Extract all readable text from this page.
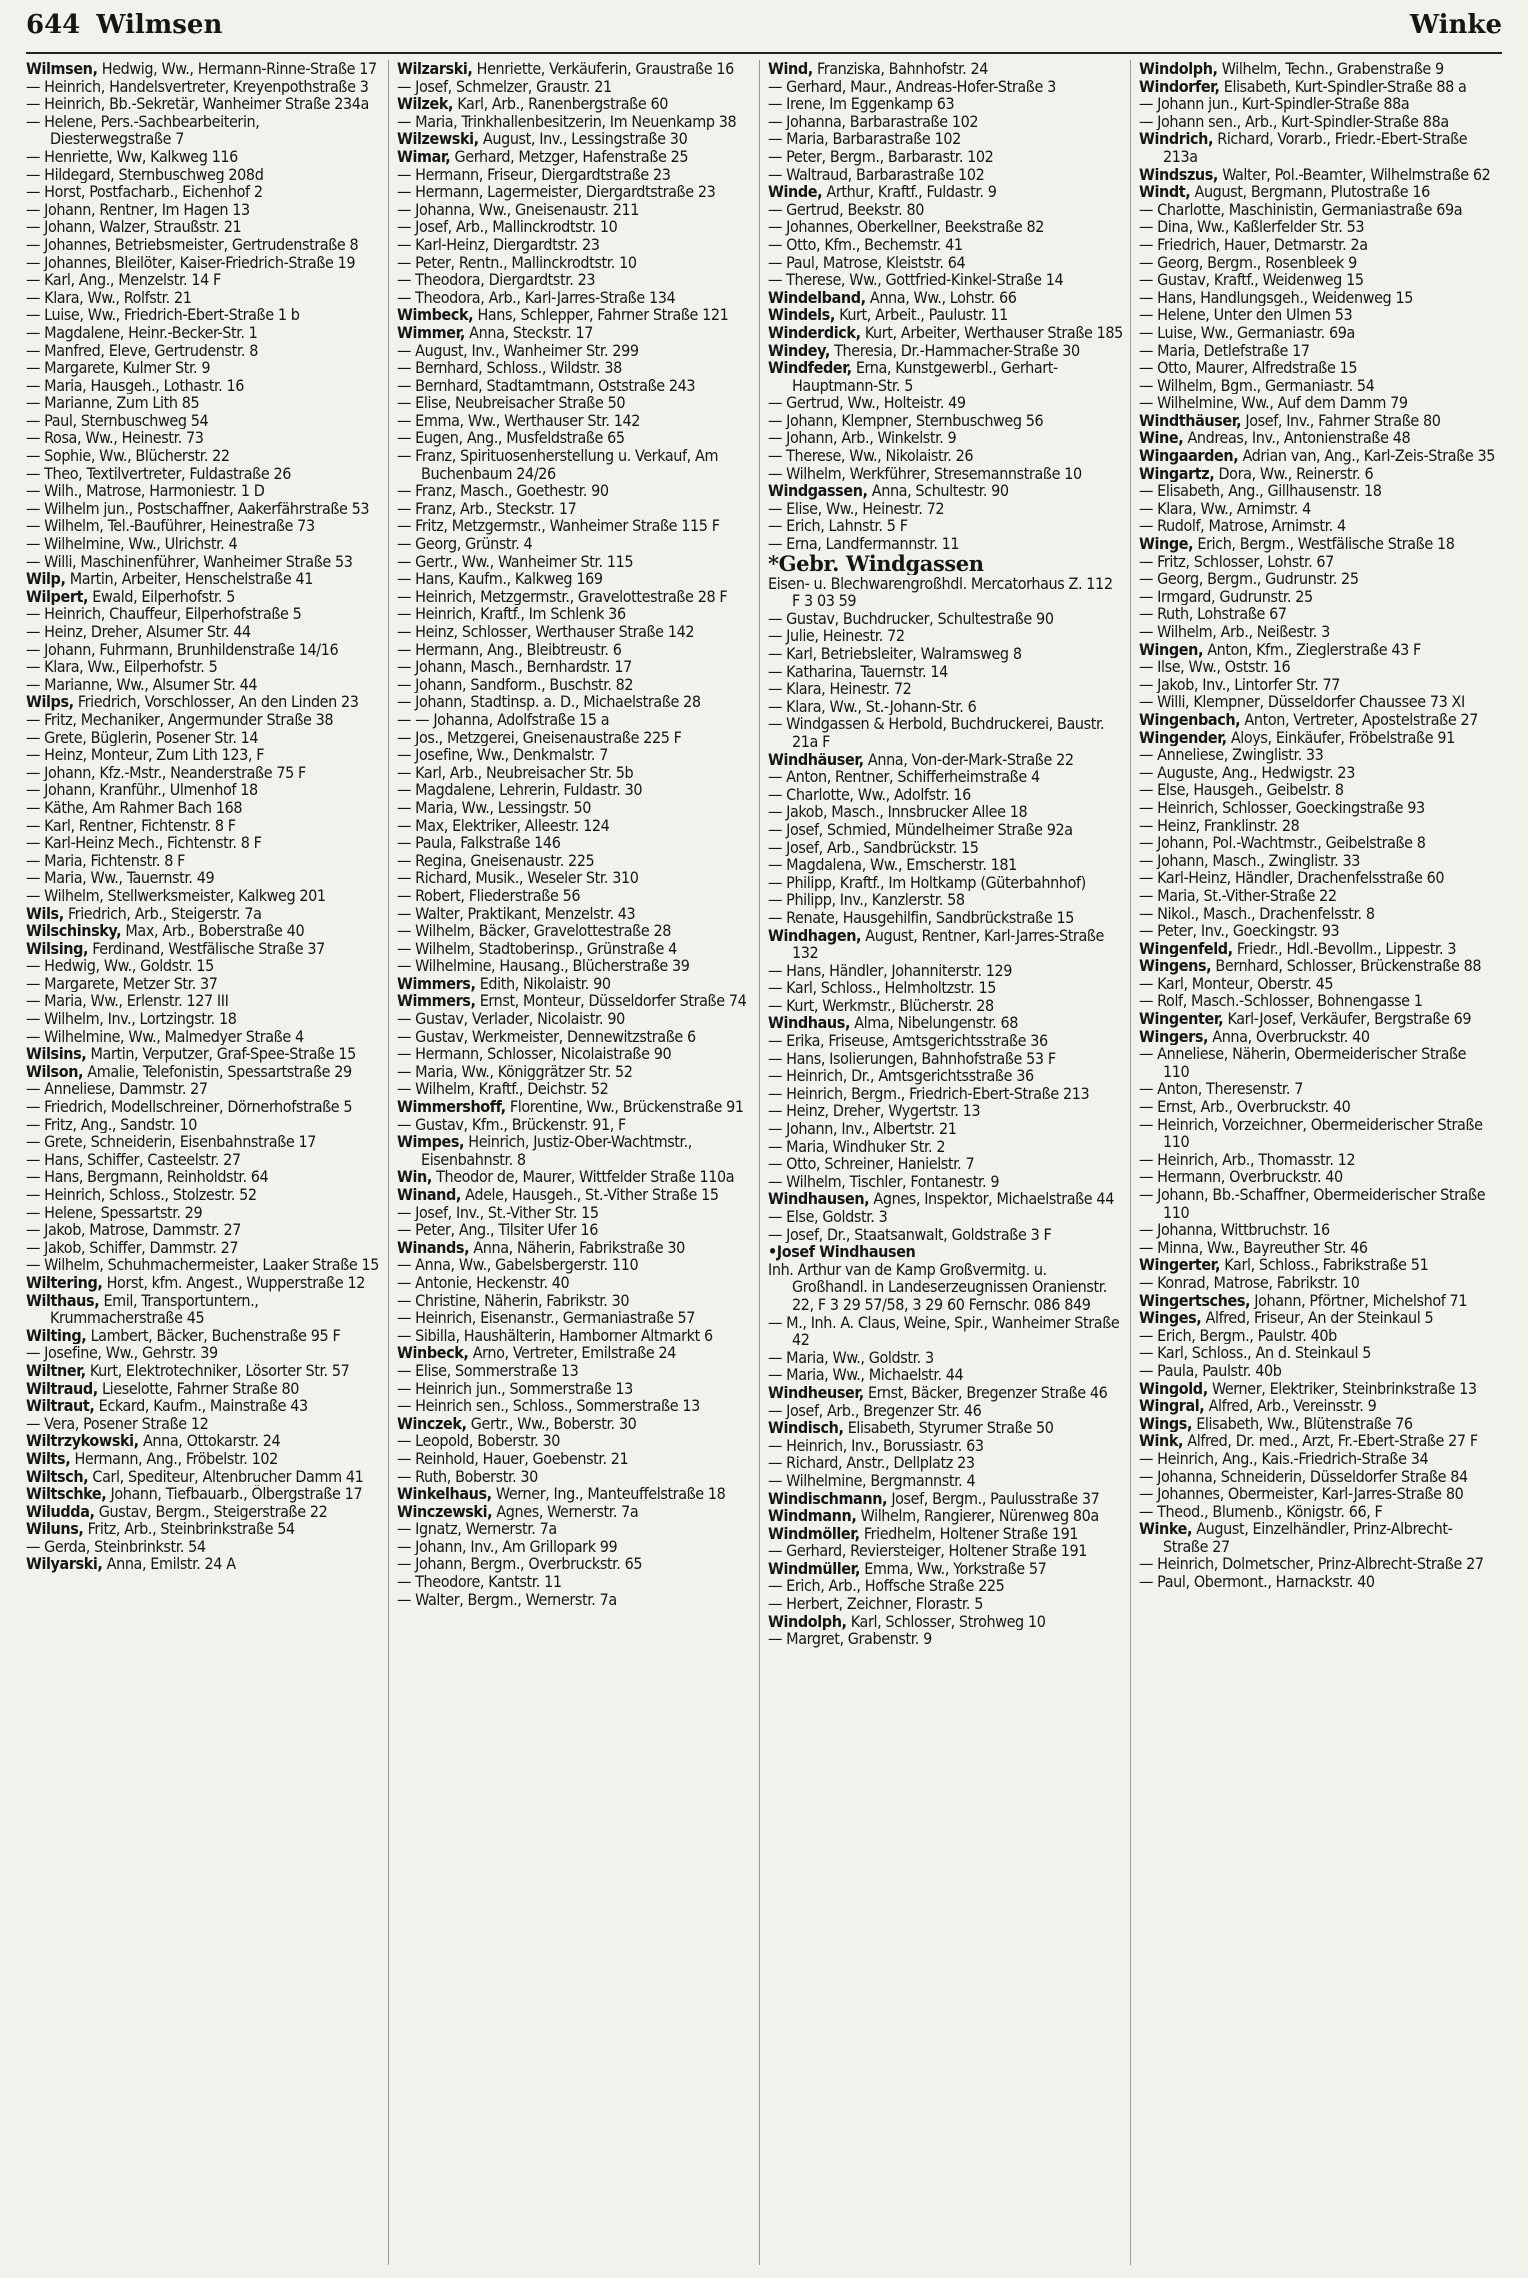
644 Wilmsen	Winke
Wilmsen, Hedwig, Ww., Hermann-Rinne-Straße 17
— Heinrich, Handelsvertreter, Kreyenpothstraße 3
— Heinrich, Bb.-Sekretär, Wanheimer Straße 234a
— Helene, Pers.-Sachbearbeiterin, Diesterwegstraße 7
— Henriette, Ww, Kalkweg 116
— Hildegard, Sternbuschweg 208d
— Horst, Postfacharb., Eichenhof 2
— Johann, Rentner, Im Hagen 13
— Johann, Walzer, Straußstr. 21
— Johannes, Betriebsmeister, Gertrudenstraße 8
— Johannes, Bleilöter, Kaiser-Friedrich-Straße 19
— Karl, Ang., Menzelstr. 14 F
— Klara, Ww., Rolfstr. 21
— Luise, Ww., Friedrich-Ebert-Straße 1 b
— Magdalene, Heinr.-Becker-Str. 1
— Manfred, Eleve, Gertrudenstr. 8
— Margarete, Kulmer Str. 9
— Maria, Hausgeh., Lothastr. 16
— Marianne, Zum Lith 85
— Paul, Sternbuschweg 54
— Rosa, Ww., Heinestr. 73
— Sophie, Ww., Blücherstr. 22
— Theo, Textilvertreter, Fuldastraße 26
— Wilh., Matrose, Harmoniestr. 1 D
— Wilhelm jun., Postschaffner, Aakerfährstraße 53
— Wilhelm, Tel.-Bauführer, Heinestraße 73
— Wilhelmine, Ww., Ulrichstr. 4
— Willi, Maschinenführer, Wanheimer Straße 53
Wilp, Martin, Arbeiter, Henschelstraße 41
Wilpert, Ewald, Eilperhofstr. 5
— Heinrich, Chauffeur, Eilperhofstraße 5
— Heinz, Dreher, Alsumer Str. 44
— Johann, Fuhrmann, Brunhildenstraße 14/16
— Klara, Ww., Eilperhofstr. 5
— Marianne, Ww., Alsumer Str. 44
Wilps, Friedrich, Vorschlosser, An den Linden 23
— Fritz, Mechaniker, Angermunder Straße 38
— Grete, Büglerin, Posener Str. 14
— Heinz, Monteur, Zum Lith 123, F
— Johann, Kfz.-Mstr., Neanderstraße 75 F
— Johann, Kranführ., Ulmenhof 18
— Käthe, Am Rahmer Bach 168
— Karl, Rentner, Fichtenstr. 8 F
— Karl-Heinz Mech., Fichtenstr. 8 F
— Maria, Fichtenstr. 8 F
— Maria, Ww., Tauernstr. 49
— Wilhelm, Stellwerksmeister, Kalkweg 201
Wils, Friedrich, Arb., Steigerstr. 7a
Wilschinsky, Max, Arb., Boberstraße 40
Wilsing, Ferdinand, Westfälische Straße 37
— Hedwig, Ww., Goldstr. 15
— Margarete, Metzer Str. 37
— Maria, Ww., Erlenstr. 127 III
— Wilhelm, Inv., Lortzingstr. 18
— Wilhelmine, Ww., Malmedyer Straße 4
Wilsins, Martin, Verputzer, Graf-Spee-Straße 15
Wilson, Amalie, Telefonistin, Spessartstraße 29
— Anneliese, Dammstr. 27
— Friedrich, Modellschreiner, Dörnerhofstraße 5
— Fritz, Ang., Sandstr. 10
— Grete, Schneiderin, Eisenbahnstraße 17
— Hans, Schiffer, Casteelstr. 27
— Hans, Bergmann, Reinholdstr. 64
— Heinrich, Schloss., Stolzestr. 52
— Helene, Spessartstr. 29
— Jakob, Matrose, Dammstr. 27
— Jakob, Schiffer, Dammstr. 27
— Wilhelm, Schuhmachermeister, Laaker Straße 15
Wiltering, Horst, kfm. Angest., Wupperstraße 12
Wilthaus, Emil, Transportuntern., Krummacherstraße 45
Wilting, Lambert, Bäcker, Buchenstraße 95 F
— Josefine, Ww., Gehrstr. 39
Wiltner, Kurt, Elektrotechniker, Lösorter Str. 57
Wiltraud, Lieselotte, Fahrner Straße 80
Wiltraut, Eckard, Kaufm., Mainstraße 43
— Vera, Posener Straße 12
Wiltrzykowski, Anna, Ottokarstr. 24
Wilts, Hermann, Ang., Fröbelstr. 102
Wiltsch, Carl, Spediteur, Altenbrucher Damm 41
Wiltschke, Johann, Tiefbauarb., Ölbergstraße 17
Wiludda, Gustav, Bergm., Steigerstraße 22
Wiluns, Fritz, Arb., Steinbrinkstraße 54
— Gerda, Steinbrinkstr. 54
Wilyarski, Anna, Emilstr. 24 A
Wilzarski, Henriette, Verkäuferin, Graustraße 16
— Josef, Schmelzer, Graustr. 21
Wilzek, Karl, Arb., Ranenbergstraße 60
— Maria, Trinkhallenbesitzerin, Im Neuenkamp 38
Wilzewski, August, Inv., Lessingstraße 30
Wimar, Gerhard, Metzger, Hafenstraße 25
— Hermann, Friseur, Diergardtstraße 23
— Hermann, Lagermeister, Diergardtstraße 23
— Johanna, Ww., Gneisenaustr. 211
— Josef, Arb., Mallinckrodtstr. 10
— Karl-Heinz, Diergardtstr. 23
— Peter, Rentn., Mallinckrodtstr. 10
— Theodora, Diergardtstr. 23
— Theodora, Arb., Karl-Jarres-Straße 134
Wimbeck, Hans, Schlepper, Fahrner Straße 121
Wimmer, Anna, Steckstr. 17
— August, Inv., Wanheimer Str. 299
— Bernhard, Schloss., Wildstr. 38
— Bernhard, Stadtamtmann, Oststraße 243
— Elise, Neubreisacher Straße 50
— Emma, Ww., Werthauser Str. 142
— Eugen, Ang., Musfeldstraße 65
— Franz, Spirituosenherstellung u. Verkauf, Am Buchenbaum 24/26
— Franz, Masch., Goethestr. 90
— Franz, Arb., Steckstr. 17
— Fritz, Metzgermstr., Wanheimer Straße 115 F
— Georg, Grünstr. 4
— Gertr., Ww., Wanheimer Str. 115
— Hans, Kaufm., Kalkweg 169
— Heinrich, Metzgermstr., Gravelottestraße 28 F
— Heinrich, Kraftf., Im Schlenk 36
— Heinz, Schlosser, Werthauser Straße 142
— Hermann, Ang., Bleibtreustr. 6
— Johann, Masch., Bernhardstr. 17
— Johann, Sandform., Buschstr. 82
— Johann, Stadtinsp. a. D., Michaelstraße 28
— — Johanna, Adolfstraße 15 a
— Jos., Metzgerei, Gneisenaustraße 225 F
— Josefine, Ww., Denkmalstr. 7
— Karl, Arb., Neubreisacher Str. 5b
— Magdalene, Lehrerin, Fuldastr. 30
— Maria, Ww., Lessingstr. 50
— Max, Elektriker, Alleestr. 124
— Paula, Falkstraße 146
— Regina, Gneisenaustr. 225
— Richard, Musik., Weseler Str. 310
— Robert, Fliederstraße 56
— Walter, Praktikant, Menzelstr. 43
— Wilhelm, Bäcker, Gravelottestraße 28
— Wilhelm, Stadtoberinsp., Grünstraße 4
— Wilhelmine, Hausang., Blücherstraße 39
Wimmers, Edith, Nikolaistr. 90
Wimmers, Ernst, Monteur, Düsseldorfer Straße 74
— Gustav, Verlader, Nicolaistr. 90
— Gustav, Werkmeister, Dennewitzstraße 6
— Hermann, Schlosser, Nicolaistraße 90
— Maria, Ww., Königgrätzer Str. 52
— Wilhelm, Kraftf., Deichstr. 52
Wimmershoff, Florentine, Ww., Brückenstraße 91
— Gustav, Kfm., Brückenstr. 91, F
Wimpes, Heinrich, Justiz-Ober-Wachtmstr., Eisenbahnstr. 8
Win, Theodor de, Maurer, Wittfelder Straße 110a
Winand, Adele, Hausgeh., St.-Vither Straße 15
— Josef, Inv., St.-Vither Str. 15
— Peter, Ang., Tilsiter Ufer 16
Winands, Anna, Näherin, Fabrikstraße 30
— Anna, Ww., Gabelsbergerstr. 110
— Antonie, Heckenstr. 40
— Christine, Näherin, Fabrikstr. 30
— Heinrich, Eisenanstr., Germaniastraße 57
— Sibilla, Haushälterin, Hamborner Altmarkt 6
Winbeck, Arno, Vertreter, Emilstraße 24
— Elise, Sommerstraße 13
— Heinrich jun., Sommerstraße 13
— Heinrich sen., Schloss., Sommerstraße 13
Winczek, Gertr., Ww., Boberstr. 30
— Leopold, Boberstr. 30
— Reinhold, Hauer, Goebenstr. 21
— Ruth, Boberstr. 30
Winkelhaus, Werner, Ing., Manteuffelstraße 18
Winczewski, Agnes, Wernerstr. 7a
— Ignatz, Wernerstr. 7a
— Johann, Inv., Am Grillopark 99
— Johann, Bergm., Overbruckstr. 65
— Theodore, Kantstr. 11
— Walter, Bergm., Wernerstr. 7a
Wind, Franziska, Bahnhofstr. 24
— Gerhard, Maur., Andreas-Hofer-Straße 3
— Irene, Im Eggenkamp 63
— Johanna, Barbarastraße 102
— Maria, Barbarastraße 102
— Peter, Bergm., Barbarastr. 102
— Waltraud, Barbarastraße 102
Winde, Arthur, Kraftf., Fuldastr. 9
— Gertrud, Beekstr. 80
— Johannes, Oberkellner, Beekstraße 82
— Otto, Kfm., Bechemstr. 41
— Paul, Matrose, Kleiststr. 64
— Therese, Ww., Gottfried-Kinkel-Straße 14
Windelband, Anna, Ww., Lohstr. 66
Windels, Kurt, Arbeit., Paulustr. 11
Winderdick, Kurt, Arbeiter, Werthauser Straße 185
Windey, Theresia, Dr.-Hammacher-Straße 30
Windfeder, Erna, Kunstgewerbl., Gerhart-Hauptmann-Str. 5
— Gertrud, Ww., Holteistr. 49
— Johann, Klempner, Sternbuschweg 56
— Johann, Arb., Winkelstr. 9
— Therese, Ww., Nikolaistr. 26
— Wilhelm, Werkführer, Stresemannstraße 10
Windgassen, Anna, Schultestr. 90
— Elise, Ww., Heinestr. 72
— Erich, Lahnstr. 5 F
— Erna, Landfermannstr. 11
*Gebr. Windgassen
Eisen- u. Blechwarengroßhdl. Mercatorhaus Z. 112 F 3 03 59
— Gustav, Buchdrucker, Schultestraße 90
— Julie, Heinestr. 72
— Karl, Betriebsleiter, Walramsweg 8
— Katharina, Tauernstr. 14
— Klara, Heinestr. 72
— Klara, Ww., St.-Johann-Str. 6
— Windgassen & Herbold, Buchdruckerei, Baustr. 21a F
Windhäuser, Anna, Von-der-Mark-Straße 22
— Anton, Rentner, Schifferheimstraße 4
— Charlotte, Ww., Adolfstr. 16
— Jakob, Masch., Innsbrucker Allee 18
— Josef, Schmied, Mündelheimer Straße 92a
— Josef, Arb., Sandbrückstr. 15
— Magdalena, Ww., Emscherstr. 181
— Philipp, Kraftf., Im Holtkamp (Güterbahnhof)
— Philipp, Inv., Kanzlerstr. 58
— Renate, Hausgehilfin, Sandbrückstraße 15
Windhagen, August, Rentner, Karl-Jarres-Straße 132
— Hans, Händler, Johanniterstr. 129
— Karl, Schloss., Helmholtzstr. 15
— Kurt, Werkmstr., Blücherstr. 28
Windhaus, Alma, Nibelungenstr. 68
— Erika, Friseuse, Amtsgerichtsstraße 36
— Hans, Isolierungen, Bahnhofstraße 53 F
— Heinrich, Dr., Amtsgerichtsstraße 36
— Heinrich, Bergm., Friedrich-Ebert-Straße 213
— Heinz, Dreher, Wygertstr. 13
— Johann, Inv., Albertstr. 21
— Maria, Windhuker Str. 2
— Otto, Schreiner, Hanielstr. 7
— Wilhelm, Tischler, Fontanestr. 9
Windhausen, Agnes, Inspektor, Michaelstraße 44
— Else, Goldstr. 3
— Josef, Dr., Staatsanwalt, Goldstraße 3 F
•Josef Windhausen
Inh. Arthur van de Kamp Großvermitg. u. Großhandl. in Landeserzeugnissen Oranienstr. 22, F 3 29 57/58, 3 29 60 Fernschr. 086 849
— M., Inh. A. Claus, Weine, Spir., Wanheimer Straße 42
— Maria, Ww., Goldstr. 3
— Maria, Ww., Michaelstr. 44
Windheuser, Ernst, Bäcker, Bregenzer Straße 46
— Josef, Arb., Bregenzer Str. 46
Windisch, Elisabeth, Styrumer Straße 50
— Heinrich, Inv., Borussiastr. 63
— Richard, Anstr., Dellplatz 23
— Wilhelmine, Bergmannstr. 4
Windischmann, Josef, Bergm., Paulusstraße 37
Windmann, Wilhelm, Rangierer, Nürenweg 80a
Windmöller, Friedhelm, Holtener Straße 191
— Gerhard, Reviersteiger, Holtener Straße 191
Windmüller, Emma, Ww., Yorkstraße 57
— Erich, Arb., Hoffsche Straße 225
— Herbert, Zeichner, Florastr. 5
Windolph, Karl, Schlosser, Strohweg 10
— Margret, Grabenstr. 9
Windolph, Wilhelm, Techn., Grabenstraße 9
Windorfer, Elisabeth, Kurt-Spindler-Straße 88 a
— Johann jun., Kurt-Spindler-Straße 88a
— Johann sen., Arb., Kurt-Spindler-Straße 88a
Windrich, Richard, Vorarb., Friedr.-Ebert-Straße 213a
Windszus, Walter, Pol.-Beamter, Wilhelmstraße 62
Windt, August, Bergmann, Plutostraße 16
— Charlotte, Maschinistin, Germaniastraße 69a
— Dina, Ww., Kaßlerfelder Str. 53
— Friedrich, Hauer, Detmarstr. 2a
— Georg, Bergm., Rosenbleek 9
— Gustav, Kraftf., Weidenweg 15
— Hans, Handlungsgeh., Weidenweg 15
— Helene, Unter den Ulmen 53
— Luise, Ww., Germaniastr. 69a
— Maria, Detlefstraße 17
— Otto, Maurer, Alfredstraße 15
— Wilhelm, Bgm., Germaniastr. 54
— Wilhelmine, Ww., Auf dem Damm 79
Windthäuser, Josef, Inv., Fahrner Straße 80
Wine, Andreas, Inv., Antonienstraße 48
Wingaarden, Adrian van, Ang., Karl-Zeis-Straße 35
Wingartz, Dora, Ww., Reinerstr. 6
— Elisabeth, Ang., Gillhausenstr. 18
— Klara, Ww., Arnimstr. 4
— Rudolf, Matrose, Arnimstr. 4
Winge, Erich, Bergm., Westfälische Straße 18
— Fritz, Schlosser, Lohstr. 67
— Georg, Bergm., Gudrunstr. 25
— Irmgard, Gudrunstr. 25
— Ruth, Lohstraße 67
— Wilhelm, Arb., Neißestr. 3
Wingen, Anton, Kfm., Zieglerstraße 43 F
— Ilse, Ww., Oststr. 16
— Jakob, Inv., Lintorfer Str. 77
— Willi, Klempner, Düsseldorfer Chaussee 73 XI
Wingenbach, Anton, Vertreter, Apostelstraße 27
Wingender, Aloys, Einkäufer, Fröbelstraße 91
— Anneliese, Zwinglistr. 33
— Auguste, Ang., Hedwigstr. 23
— Else, Hausgeh., Geibelstr. 8
— Heinrich, Schlosser, Goeckingstraße 93
— Heinz, Franklinstr. 28
— Johann, Pol.-Wachtmstr., Geibelstraße 8
— Johann, Masch., Zwinglistr. 33
— Karl-Heinz, Händler, Drachenfelsstraße 60
— Maria, St.-Vither-Straße 22
— Nikol., Masch., Drachenfelsstr. 8
— Peter, Inv., Goeckingstr. 93
Wingenfeld, Friedr., Hdl.-Bevollm., Lippestr. 3
Wingens, Bernhard, Schlosser, Brückenstraße 88
— Karl, Monteur, Oberstr. 45
— Rolf, Masch.-Schlosser, Bohnengasse 1
Wingenter, Karl-Josef, Verkäufer, Bergstraße 69
Wingers, Anna, Overbruckstr. 40
— Anneliese, Näherin, Obermeiderischer Straße 110
— Anton, Theresenstr. 7
— Ernst, Arb., Overbruckstr. 40
— Heinrich, Vorzeichner, Obermeiderischer Straße 110
— Heinrich, Arb., Thomasstr. 12
— Hermann, Overbruckstr. 40
— Johann, Bb.-Schaffner, Obermeiderischer Straße 110
— Johanna, Wittbruchstr. 16
— Minna, Ww., Bayreuther Str. 46
Wingerter, Karl, Schloss., Fabrikstraße 51
— Konrad, Matrose, Fabrikstr. 10
Wingertsches, Johann, Pförtner, Michelshof 71
Winges, Alfred, Friseur, An der Steinkaul 5
— Erich, Bergm., Paulstr. 40b
— Karl, Schloss., An d. Steinkaul 5
— Paula, Paulstr. 40b
Wingold, Werner, Elektriker, Steinbrinkstraße 13
Wingral, Alfred, Arb., Vereinsstr. 9
Wings, Elisabeth, Ww., Blütenstraße 76
Wink, Alfred, Dr. med., Arzt, Fr.-Ebert-Straße 27 F
— Heinrich, Ang., Kais.-Friedrich-Straße 34
— Johanna, Schneiderin, Düsseldorfer Straße 84
— Johannes, Obermeister, Karl-Jarres-Straße 80
— Theod., Blumenb., Königstr. 66, F
Winke, August, Einzelhändler, Prinz-Albrecht-Straße 27
— Heinrich, Dolmetscher, Prinz-Albrecht-Straße 27
— Paul, Obermont., Harnackstr. 40
